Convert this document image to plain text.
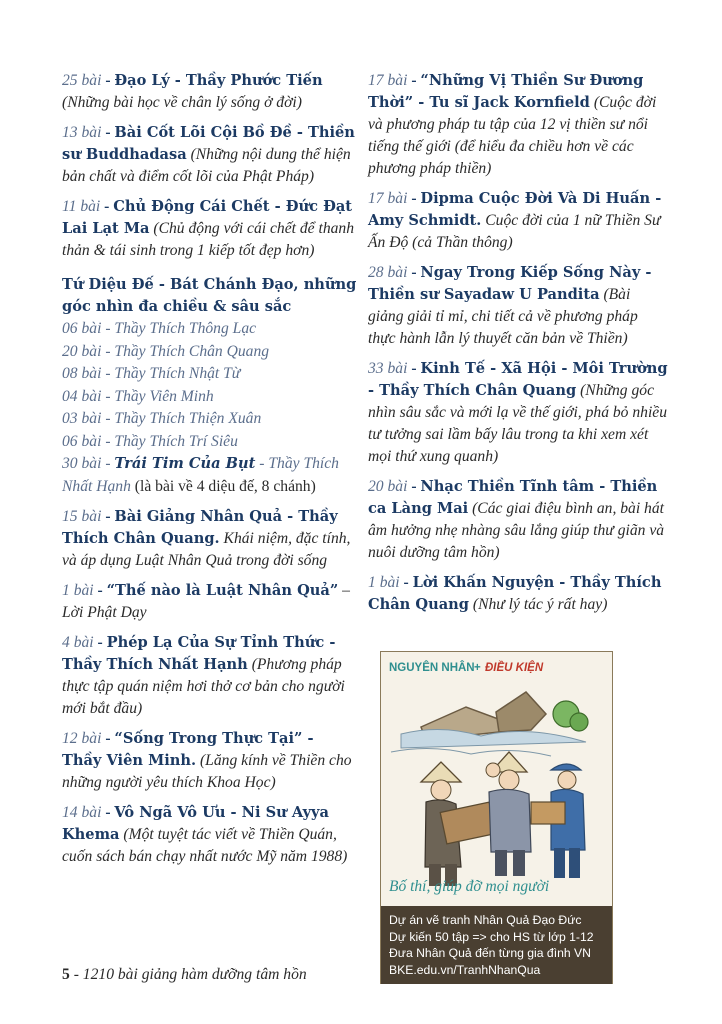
25 bài - Đạo Lý - Thầy Phước Tiến
(Những bài học về chân lý sống ở đời)

13 bài - Bài Cốt Lõi Cội Bồ Đề - Thiền sư Buddhadasa (Những nội dung thể hiện bản chất và điểm cốt lõi của Phật Pháp)

11 bài - Chủ Động Cái Chết - Đức Đạt Lai Lạt Ma (Chủ động với cái chết để thanh thản & tái sinh trong 1 kiếp tốt đẹp hơn)

Tứ Diệu Đế - Bát Chánh Đạo, những góc nhìn đa chiều & sâu sắc
06 bài - Thầy Thích Thông Lạc
20 bài - Thầy Thích Chân Quang
08 bài - Thầy Thích Nhật Từ
04 bài - Thầy Viên Minh
03 bài - Thầy Thích Thiện Xuân
06 bài - Thầy Thích Trí Siêu
30 bài - Trái Tim Của Bụt - Thầy Thích Nhất Hạnh (là bài về 4 diệu đế, 8 chánh)

15 bài - Bài Giảng Nhân Quả - Thầy Thích Chân Quang. Khái niệm, đặc tính, và áp dụng Luật Nhân Quả trong đời sống

1 bài - “Thế nào là Luật Nhân Quả” – Lời Phật Dạy

4 bài - Phép Lạ Của Sự Tỉnh Thức - Thầy Thích Nhất Hạnh (Phương pháp thực tập quán niệm hơi thở cơ bản cho người mới bắt đầu)

12 bài - “Sống Trong Thực Tại” - Thầy Viên Minh. (Lăng kính về Thiền cho những người yêu thích Khoa Học)

14 bài - Vô Ngã Vô Ưu - Ni Sư Ayya Khema (Một tuyệt tác viết về Thiền Quán, cuốn sách bán chạy nhất nước Mỹ năm 1988)

17 bài - “Những Vị Thiền Sư Đương Thời” - Tu sĩ Jack Kornfield (Cuộc đời và phương pháp tu tập của 12 vị thiền sư nổi tiếng thế giới (để hiểu đa chiều hơn về các phương pháp thiền)

17 bài - Dipma Cuộc Đời Và Di Huấn - Amy Schmidt. Cuộc đời của 1 nữ Thiền Sư Ấn Độ (cả Thần thông)

28 bài - Ngay Trong Kiếp Sống Này - Thiền sư Sayadaw U Pandita (Bài giảng giải tỉ mỉ, chi tiết cả về phương pháp thực hành lẫn lý thuyết căn bản về Thiền)

33 bài - Kinh Tế - Xã Hội - Môi Trường - Thầy Thích Chân Quang (Những góc nhìn sâu sắc và mới lạ về thế giới, phá bỏ nhiều tư tưởng sai lầm bấy lâu trong ta khi xem xét mọi thứ xung quanh)

20 bài - Nhạc Thiền Tĩnh tâm - Thiền ca Làng Mai (Các giai điệu bình an, bài hát âm hưởng nhẹ nhàng sâu lắng giúp thư giãn và nuôi dưỡng tâm hồn)

1 bài - Lời Khấn Nguyện - Thầy Thích Chân Quang (Như lý tác ý rất hay)

NGUYÊN NHÂN + ĐIỀU KIỆN
Bố thí, giúp đỡ mọi người
Dự án vẽ tranh Nhân Quả Đạo Đức
Dự kiến 50 tập => cho HS từ lớp 1-12
Đưa Nhân Quả đến từng gia đình VN
BKE.edu.vn/TranhNhanQua
5 - 1210 bài giảng hàm dưỡng tâm hồn
